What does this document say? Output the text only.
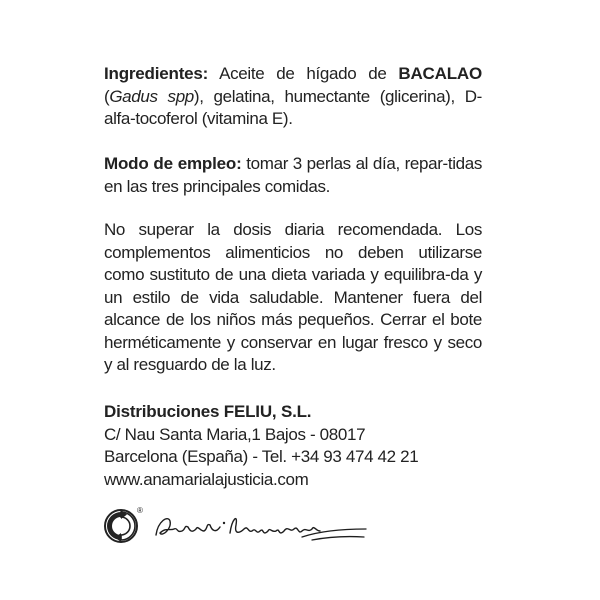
Ingredientes: Aceite de hígado de BACALAO (Gadus spp), gelatina, humectante (glicerina), D-alfa-tocoferol (vitamina E).

Modo de empleo: tomar 3 perlas al día, repar-tidas en las tres principales comidas.

No superar la dosis diaria recomendada. Los complementos alimenticios no deben utilizarse como sustituto de una dieta variada y equilibra-da y un estilo de vida saludable. Mantener fuera del alcance de los niños más pequeños. Cerrar el bote herméticamente y conservar en lugar fresco y seco y al resguardo de la luz.

Distribuciones FELIU, S.L.
C/ Nau Santa Maria,1 Bajos - 08017
Barcelona (España) - Tel. +34 93 474 42 21
www.anamarialajusticia.com
®	Anamaria Lajusticia
